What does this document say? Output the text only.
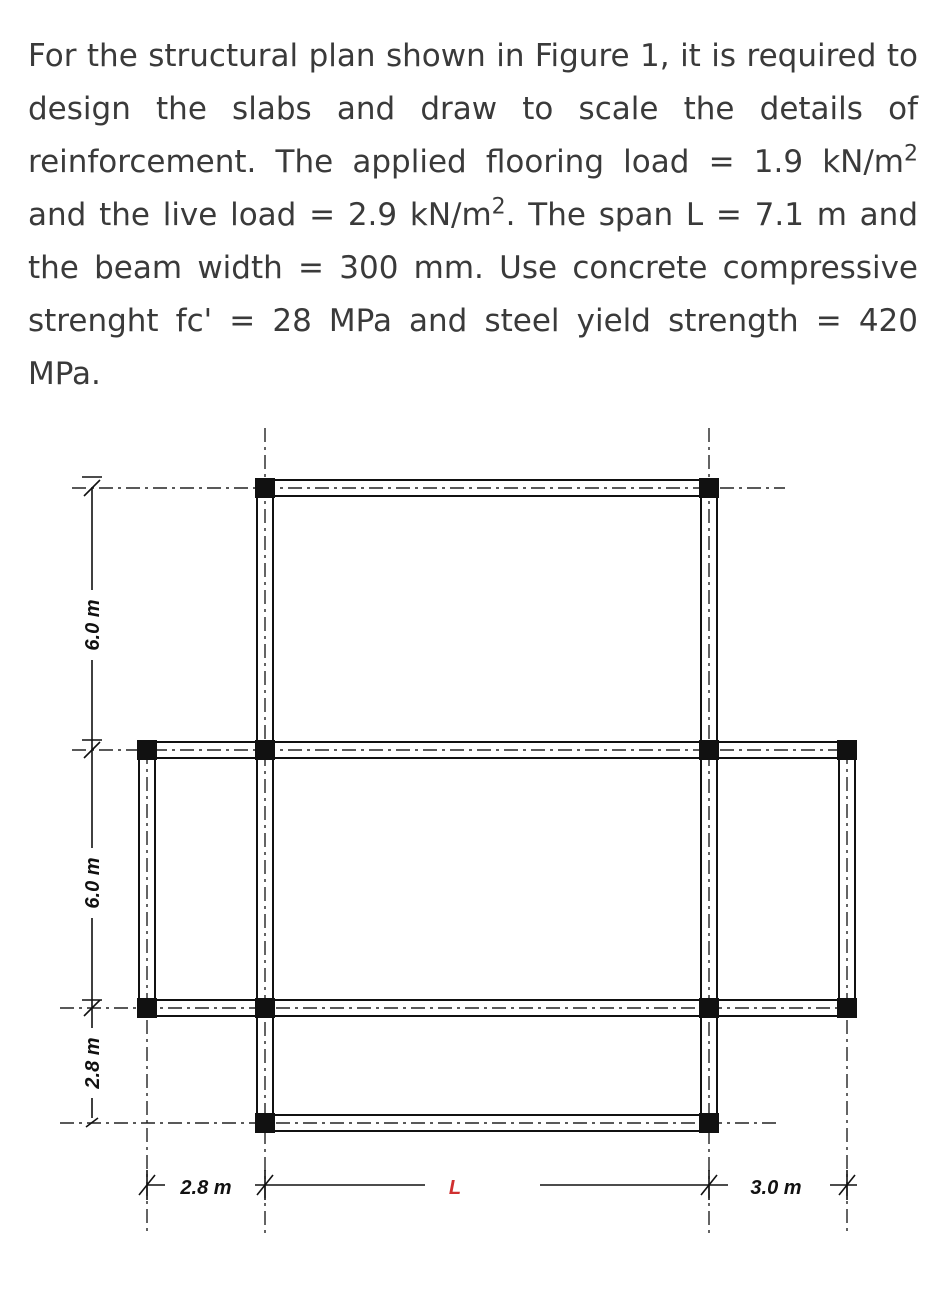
For the structural plan shown in Figure 1, it is required to design the slabs and draw to scale the details of reinforcement. The applied flooring load = 1.9 $kN/m^2$ and the live load = 2.9 $kN/m^2$. The span L = 7.1 m and the beam width = 300 mm. Use concrete compressive strenght fc' = 28 MPa and steel yield strength = 420 MPa.

6.0 m
6.0 m
2.8 m
2.8 m	L	3.0 m
